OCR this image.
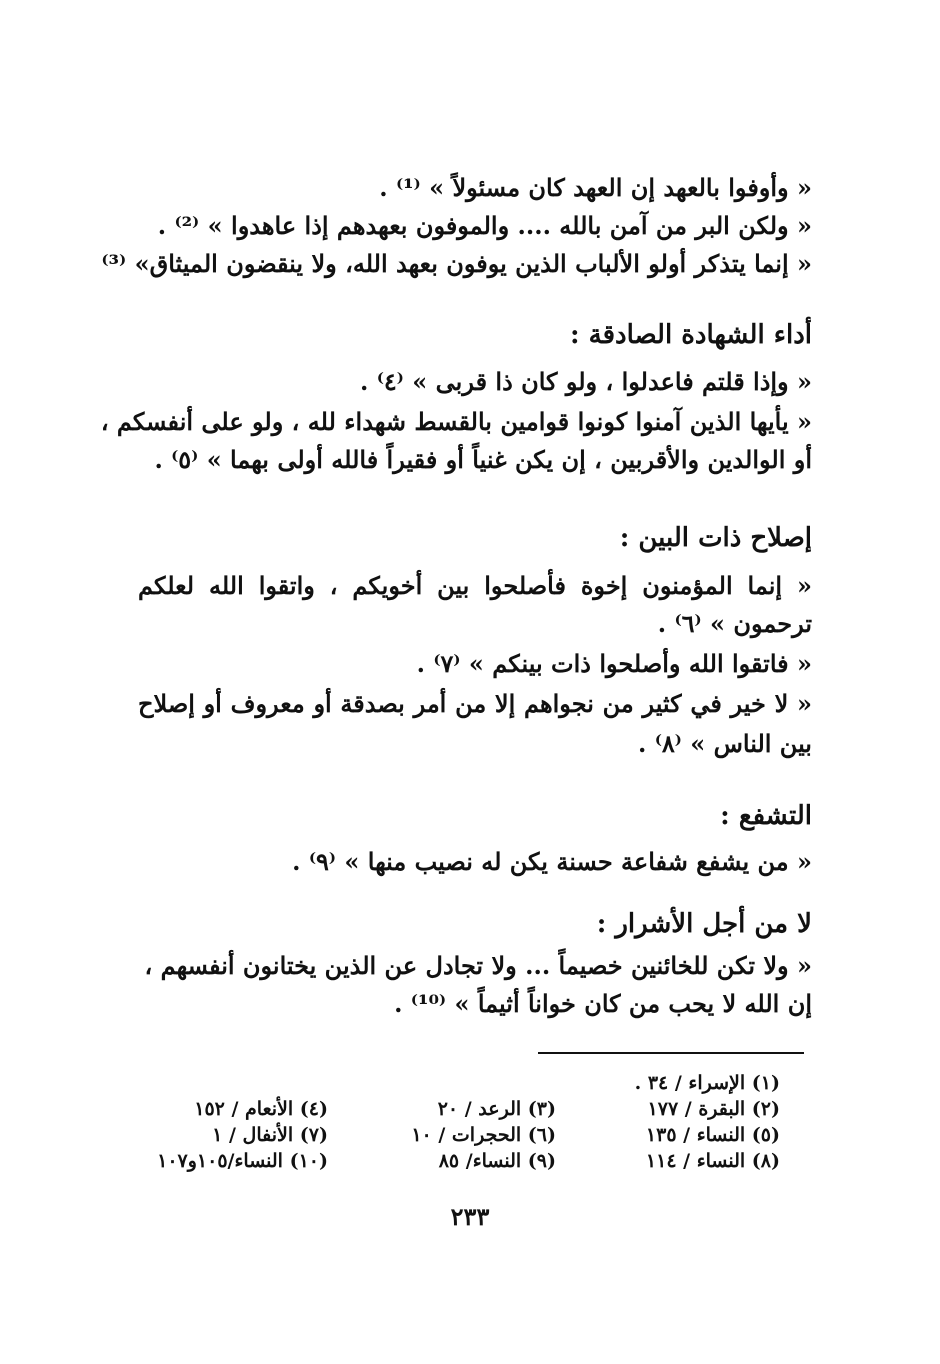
« وأوفوا بالعهد إن العهد كان مسئولاً » ⁽¹⁾ .
« ولكن البر من آمن بالله .... والموفون بعهدهم إذا عاهدوا » ⁽²⁾ .
« إنما يتذكر أولو الألباب الذين يوفون بعهد الله، ولا ينقضون الميثاق» ⁽³⁾
أداء الشهادة الصادقة :
« وإذا قلتم فاعدلوا ، ولو كان ذا قربى » ⁽٤⁾ .
« يأيها الذين آمنوا كونوا قوامين بالقسط شهداء لله ، ولو على أنفسكم ،
أو الوالدين والأقربين ، إن يكن غنياً أو فقيراً فالله أولى بهما » ⁽٥⁾ .
إصلاح ذات البين :
« إنما المؤمنون إخوة فأصلحوا بين أخويكم ، واتقوا الله لعلكم
ترحمون » ⁽٦⁾ .
« فاتقوا الله وأصلحوا ذات بينكم » ⁽٧⁾ .
« لا خير في كثير من نجواهم إلا من أمر بصدقة أو معروف أو إصلاح
بين الناس » ⁽٨⁾ .
التشفع :
« من يشفع شفاعة حسنة يكن له نصيب منها » ⁽٩⁾ .
لا من أجل الأشرار :
« ولا تكن للخائنين خصيماً ... ولا تجادل عن الذين يختانون أنفسهم ،
إن الله لا يحب من كان خواناً أثيماً » ⁽¹⁰⁾ .
(١) الإسراء / ٣٤ .
(٢) البقرة / ١٧٧
(٥) النساء / ١٣٥
(٨) النساء / ١١٤
(٣) الرعد / ٢٠
(٦) الحجرات / ١٠
(٩) النساء/ ٨٥
(٤) الأنعام / ١٥٢
(٧) الأنفال / ١
(١٠) النساء/١٠٥و١٠٧
٢٣٣
